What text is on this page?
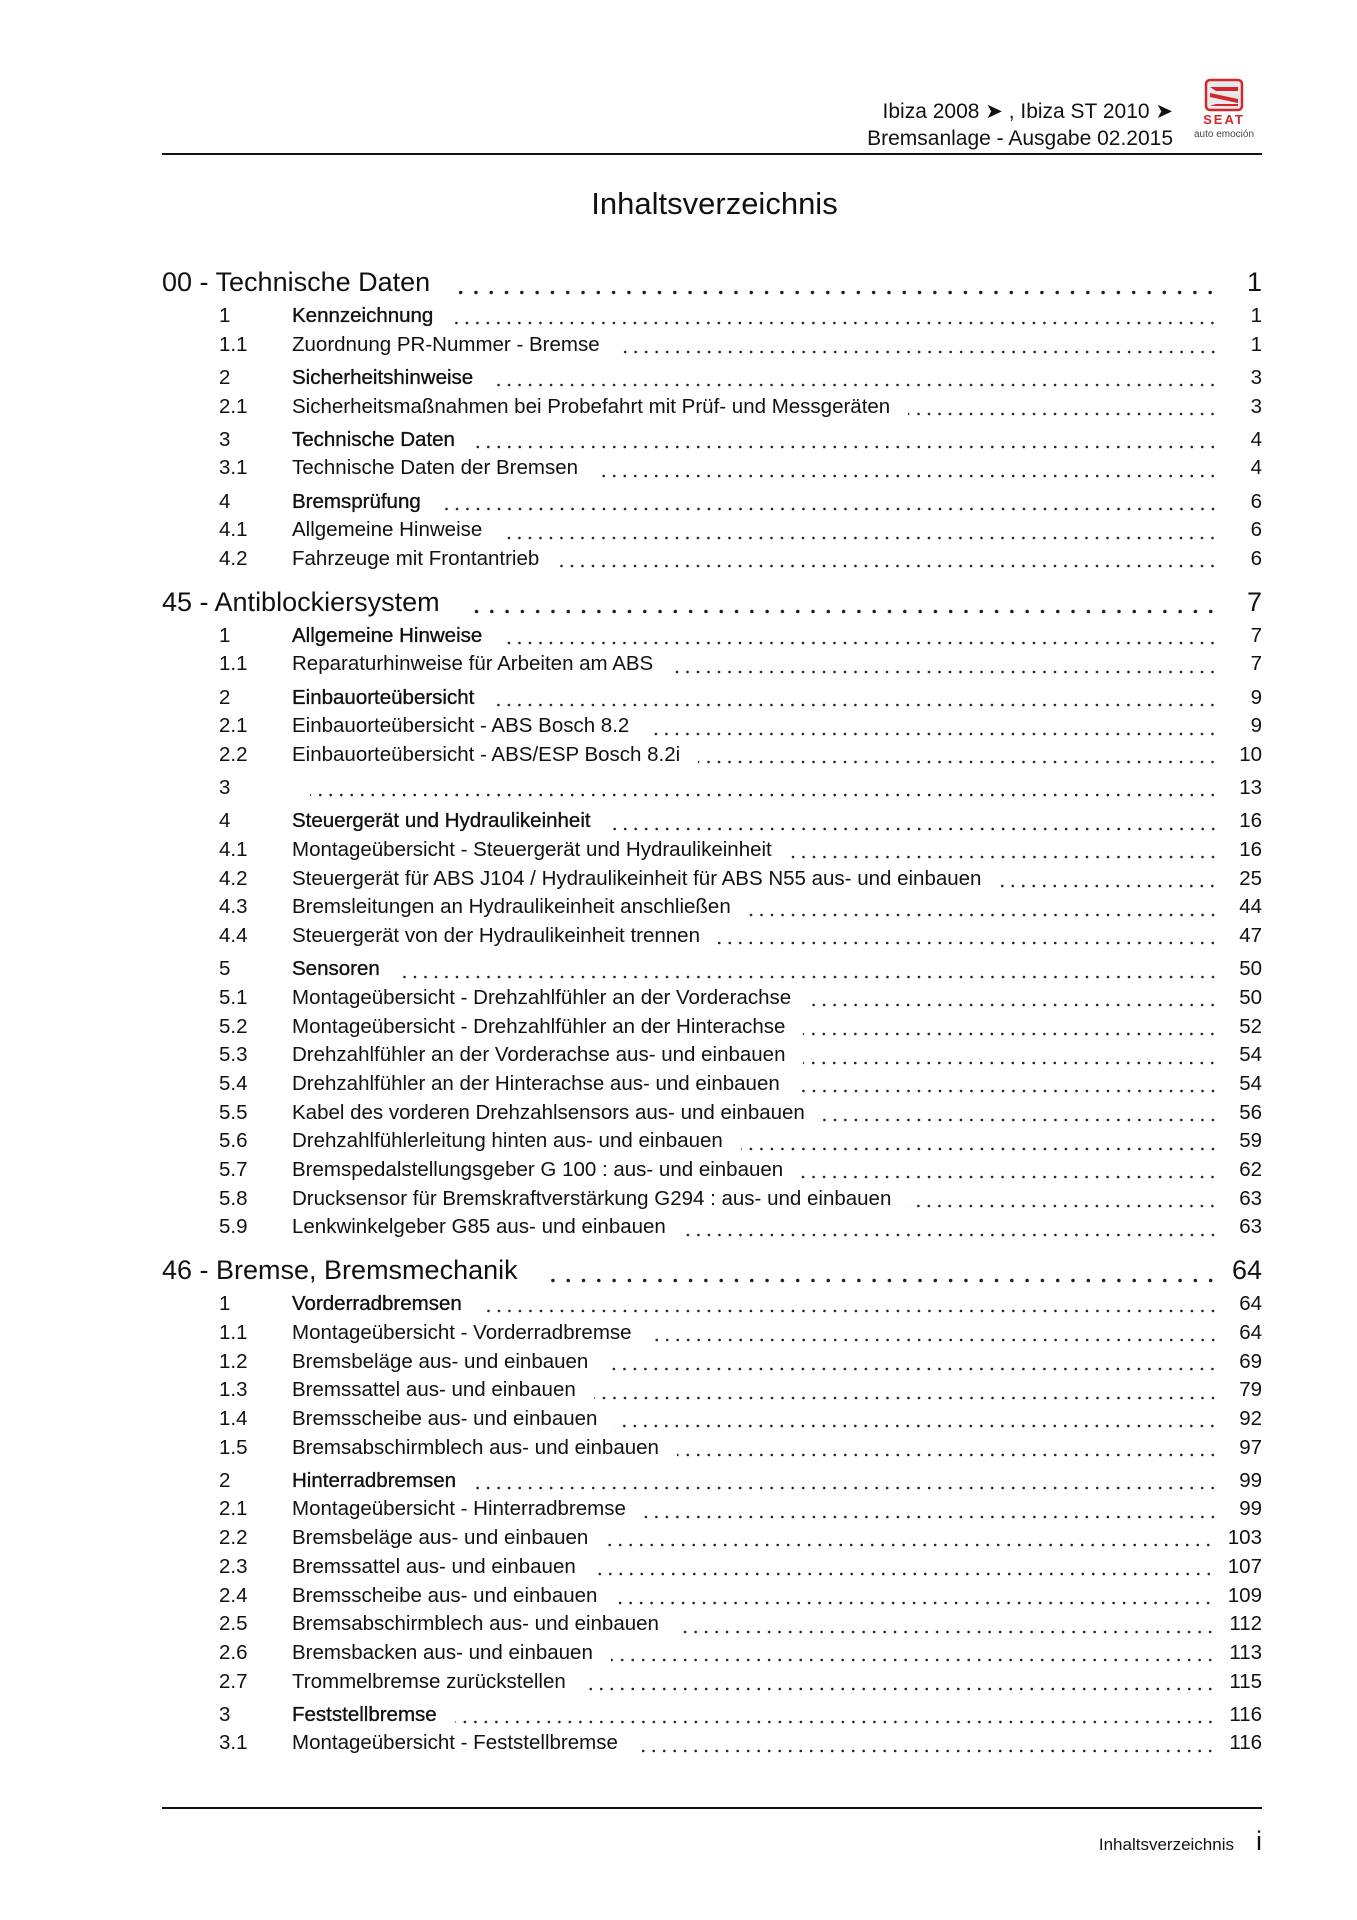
Ibiza 2008 ➤ , Ibiza ST 2010 ➤
Bremsanlage - Ausgabe 02.2015
SEAT
auto emoción
Inhaltsverzeichnis
00 - Technische Daten	1
1	Kennzeichnung	1
1.1	Zuordnung PR-Nummer - Bremse	1
2	Sicherheitshinweise	3
2.1	Sicherheitsmaßnahmen bei Probefahrt mit Prüf- und Messgeräten	3
3	Technische Daten	4
3.1	Technische Daten der Bremsen	4
4	Bremsprüfung	6
4.1	Allgemeine Hinweise	6
4.2	Fahrzeuge mit Frontantrieb	6
45 - Antiblockiersystem	7
1	Allgemeine Hinweise	7
1.1	Reparaturhinweise für Arbeiten am ABS	7
2	Einbauorteübersicht	9
2.1	Einbauorteübersicht - ABS Bosch 8.2	9
2.2	Einbauorteübersicht - ABS/ESP Bosch 8.2i	10
3	13
4	Steuergerät und Hydraulikeinheit	16
4.1	Montageübersicht - Steuergerät und Hydraulikeinheit	16
4.2	Steuergerät für ABS J104 / Hydraulikeinheit für ABS N55 aus- und einbauen	25
4.3	Bremsleitungen an Hydraulikeinheit anschließen	44
4.4	Steuergerät von der Hydraulikeinheit trennen	47
5	Sensoren	50
5.1	Montageübersicht - Drehzahlfühler an der Vorderachse	50
5.2	Montageübersicht - Drehzahlfühler an der Hinterachse	52
5.3	Drehzahlfühler an der Vorderachse aus- und einbauen	54
5.4	Drehzahlfühler an der Hinterachse aus- und einbauen	54
5.5	Kabel des vorderen Drehzahlsensors aus- und einbauen	56
5.6	Drehzahlfühlerleitung hinten aus- und einbauen	59
5.7	Bremspedalstellungsgeber G 100 : aus- und einbauen	62
5.8	Drucksensor für Bremskraftverstärkung G294 : aus- und einbauen	63
5.9	Lenkwinkelgeber G85 aus- und einbauen	63
46 - Bremse, Bremsmechanik	64
1	Vorderradbremsen	64
1.1	Montageübersicht - Vorderradbremse	64
1.2	Bremsbeläge aus- und einbauen	69
1.3	Bremssattel aus- und einbauen	79
1.4	Bremsscheibe aus- und einbauen	92
1.5	Bremsabschirmblech aus- und einbauen	97
2	Hinterradbremsen	99
2.1	Montageübersicht - Hinterradbremse	99
2.2	Bremsbeläge aus- und einbauen	103
2.3	Bremssattel aus- und einbauen	107
2.4	Bremsscheibe aus- und einbauen	109
2.5	Bremsabschirmblech aus- und einbauen	112
2.6	Bremsbacken aus- und einbauen	113
2.7	Trommelbremse zurückstellen	115
3	Feststellbremse	116
3.1	Montageübersicht - Feststellbremse	116
Inhaltsverzeichnis i
